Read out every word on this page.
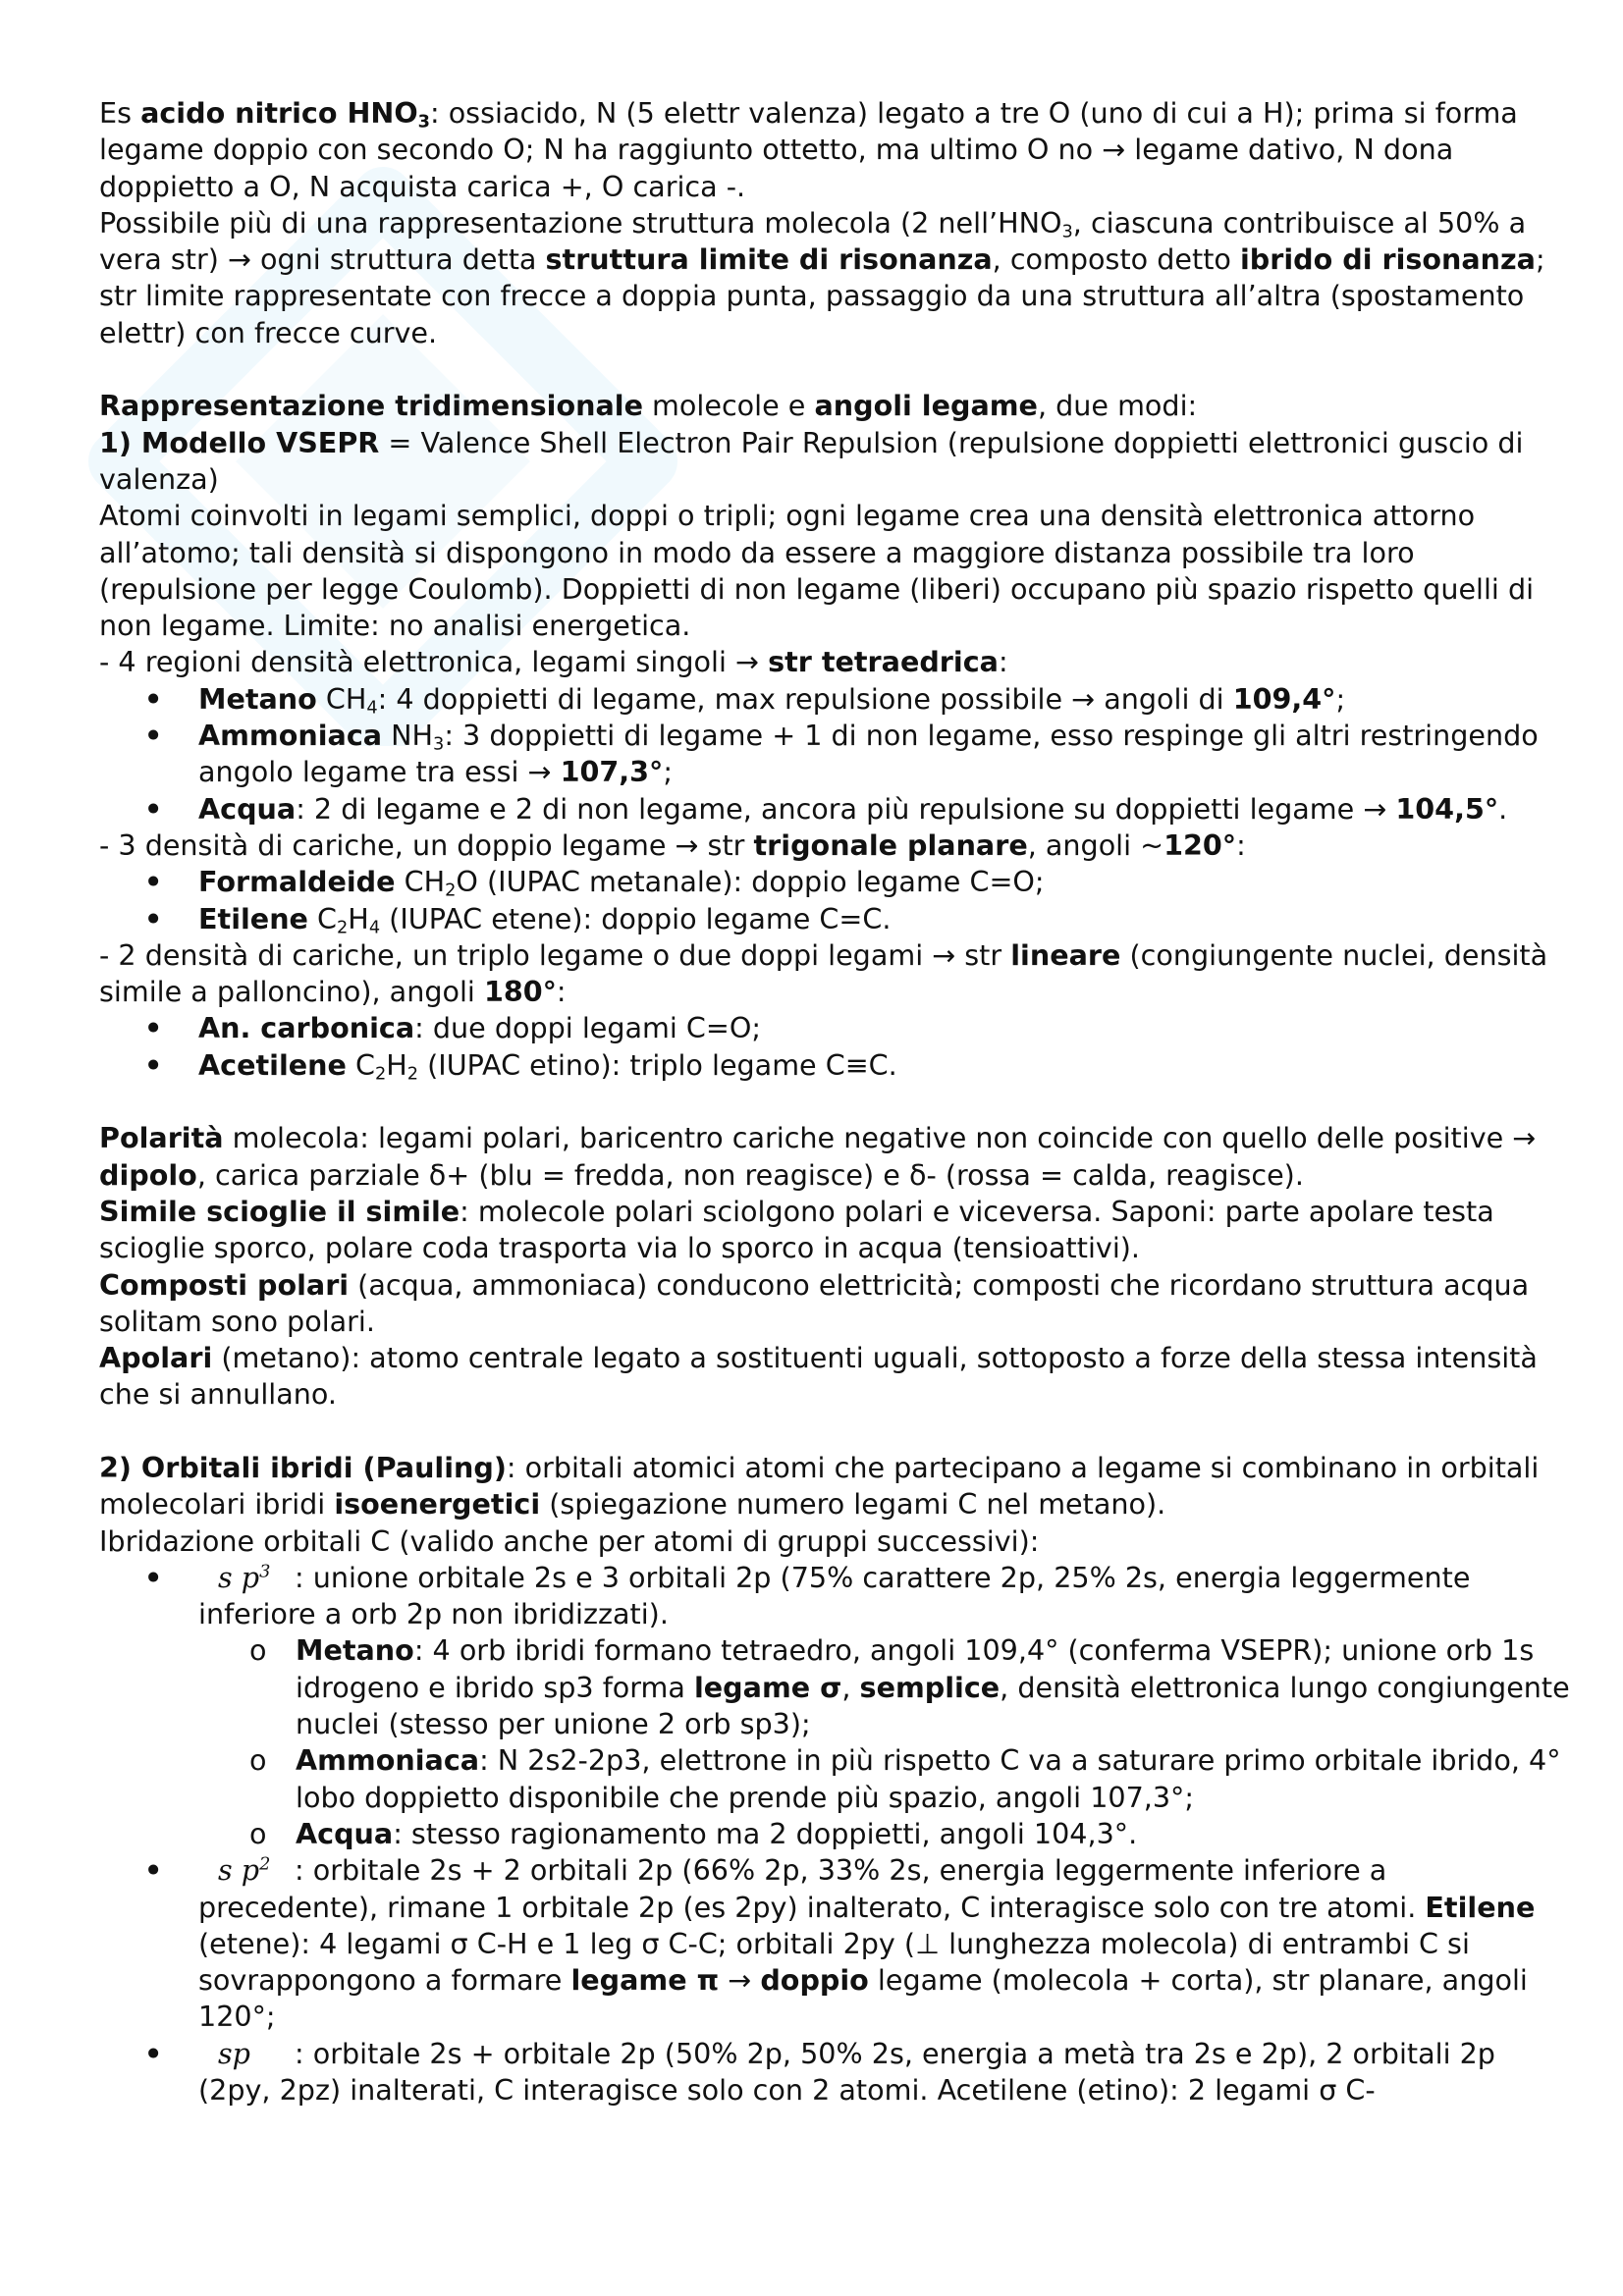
Es acido nitrico $HNO_3$: ossiacido, N (5 elettr valenza) legato a tre O (uno di cui a H); prima si forma legame doppio con secondo O; N ha raggiunto ottetto, ma ultimo O no → legame dativo, N dona doppietto a O, N acquista carica +, O carica -.

Possibile più di una rappresentazione struttura molecola (2 $nell’HNO_3$, ciascuna contribuisce al 50% a vera str) → ogni struttura detta struttura limite di risonanza, composto detto ibrido di risonanza; str limite rappresentate con frecce a doppia punta, passaggio da una struttura all’altra (spostamento elettr) con frecce curve.

Rappresentazione tridimensionale molecole e angoli legame, due modi:

1) Modello VSEPR = Valence Shell Electron Pair Repulsion (repulsione doppietti elettronici guscio di valenza)

Atomi coinvolti in legami semplici, doppi o tripli; ogni legame crea una densità elettronica attorno all’atomo; tali densità si dispongono in modo da essere a maggiore distanza possibile tra loro (repulsione per legge Coulomb). Doppietti di non legame (liberi) occupano più spazio rispetto quelli di non legame. Limite: no analisi energetica.

- 4 regioni densità elettronica, legami singoli → str tetraedrica:

• Metano $CH_4$: 4 doppietti di legame, max repulsione possibile → angoli di 109,4°;
• Ammoniaca $NH_3$: 3 doppietti di legame + 1 di non legame, esso respinge gli altri restringendo angolo legame tra essi → 107,3°;
• Acqua: 2 di legame e 2 di non legame, ancora più repulsione su doppietti legame → 104,5°.

- 3 densità di cariche, un doppio legame → str trigonale planare, angoli ~120°:

• Formaldeide $CH_2O$ (IUPAC metanale): doppio legame C=O;
• Etilene $C_2H_4$ (IUPAC etene): doppio legame C=C.

- 2 densità di cariche, un triplo legame o due doppi legami → str lineare (congiungente nuclei, densità simile a palloncino), angoli 180°:

• An. carbonica: due doppi legami C=O;
• Acetilene $C_2H_2$ (IUPAC etino): triplo legame C≡C.

Polarità molecola: legami polari, baricentro cariche negative non coincide con quello delle positive → dipolo, carica parziale δ+ (blu = fredda, non reagisce) e δ- (rossa = calda, reagisce).

Simile scioglie il simile: molecole polari sciolgono polari e viceversa. Saponi: parte apolare testa scioglie sporco, polare coda trasporta via lo sporco in acqua (tensioattivi).

Composti polari (acqua, ammoniaca) conducono elettricità; composti che ricordano struttura acqua solitam sono polari.

Apolari (metano): atomo centrale legato a sostituenti uguali, sottoposto a forze della stessa intensità che si annullano.

2) Orbitali ibridi (Pauling): orbitali atomici atomi che partecipano a legame si combinano in orbitali molecolari ibridi isoenergetici (spiegazione numero legami C nel metano).

Ibridazione orbitali C (valido anche per atomi di gruppi successivi):

• s $p^3$ : unione orbitale 2s e 3 orbitali 2p (75% carattere 2p, 25% 2s, energia leggermente inferiore a orb 2p non ibridizzati).
o Metano: 4 orb ibridi formano tetraedro, angoli 109,4° (conferma VSEPR); unione orb 1s idrogeno e ibrido sp3 forma legame σ, semplice, densità elettronica lungo congiungente nuclei (stesso per unione 2 orb sp3);
o Ammoniaca: N 2s2-2p3, elettrone in più rispetto C va a saturare primo orbitale ibrido, 4° lobo doppietto disponibile che prende più spazio, angoli 107,3°;
o Acqua: stesso ragionamento ma 2 doppietti, angoli 104,3°.
• s $p^2$ : orbitale 2s + 2 orbitali 2p (66% 2p, 33% 2s, energia leggermente inferiore a precedente), rimane 1 orbitale 2p (es 2py) inalterato, C interagisce solo con tre atomi. Etilene (etene): 4 legami σ C-H e 1 leg σ C-C; orbitali 2py (⊥ lunghezza molecola) di entrambi C si sovrappongono a formare legame π → doppio legame (molecola + corta), str planare, angoli 120°;
• sp : orbitale 2s + orbitale 2p (50% 2p, 50% 2s, energia a metà tra 2s e 2p), 2 orbitali 2p (2py, 2pz) inalterati, C interagisce solo con 2 atomi. Acetilene (etino): 2 legami σ C-
